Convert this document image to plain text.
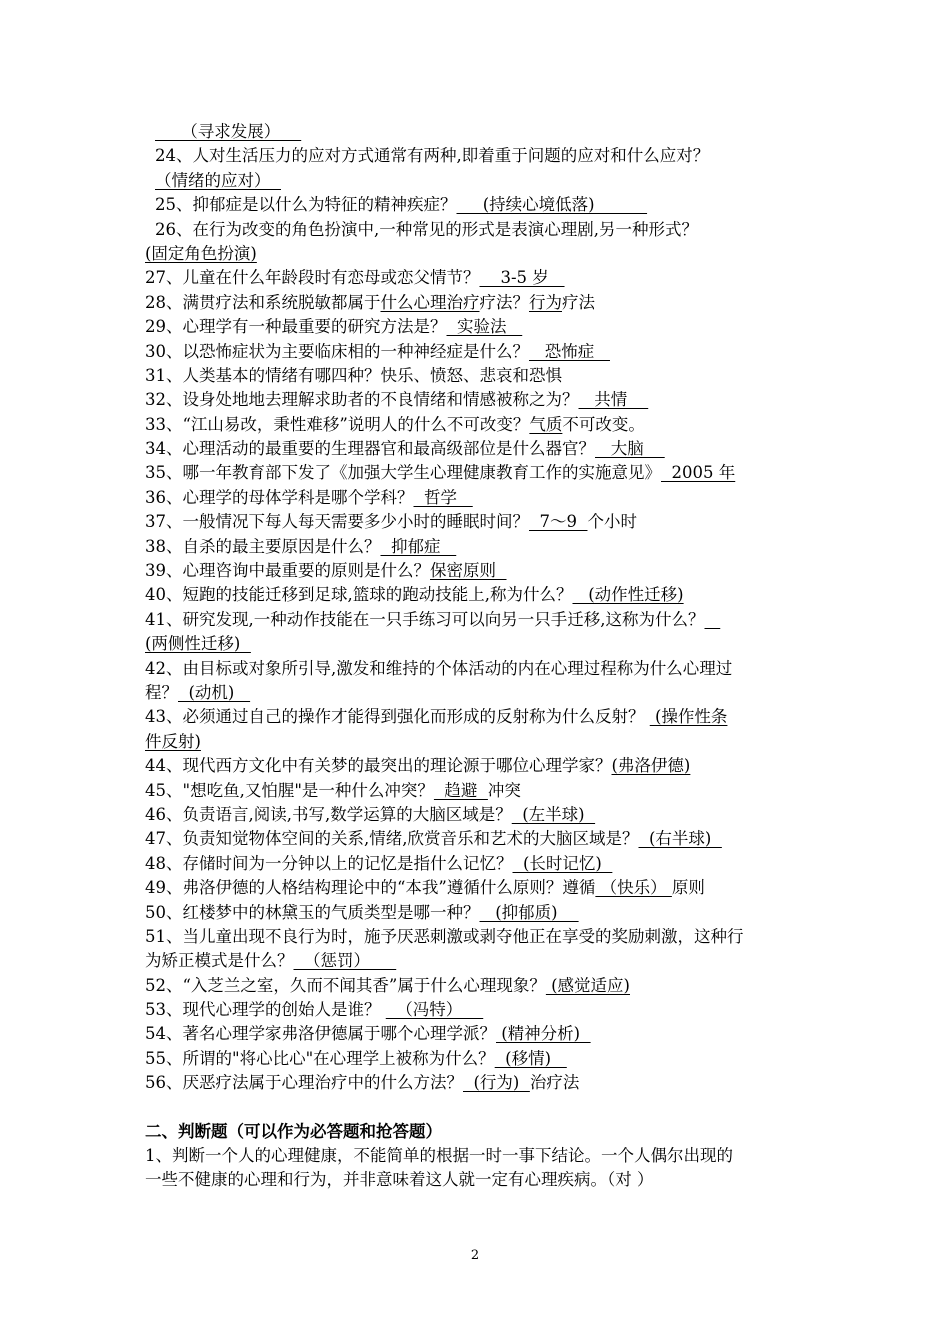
（寻求发展）
24、人对生活压力的应对方式通常有两种,即着重于问题的应对和什么应对？
（情绪的应对）
25、抑郁症是以什么为特征的精神疾症？     (持续心境低落)
26、在行为改变的角色扮演中,一种常见的形式是表演心理剧,另一种形式？
(固定角色扮演)
27、儿童在什么年龄段时有恋母或恋父情节？    3-5 岁
28、满贯疗法和系统脱敏都属于什么心理治疗疗法？行为疗法
29、心理学有一种最重要的研究方法是？  实验法
30、以恐怖症状为主要临床相的一种神经症是什么？   恐怖症
31、人类基本的情绪有哪四种？快乐、愤怒、悲哀和恐惧
32、设身处地地去理解求助者的不良情绪和情感被称之为？   共情
33、“江山易改，秉性难移”说明人的什么不可改变？气质不可改变。
34、心理活动的最重要的生理器官和最高级部位是什么器官？   大脑
35、哪一年教育部下发了《加强大学生心理健康教育工作的实施意见》  2005 年
36、心理学的母体学科是哪个学科？  哲学
37、一般情况下每人每天需要多少小时的睡眠时间？  7～9  个小时
38、自杀的最主要原因是什么？  抑郁症
39、心理咨询中最重要的原则是什么？保密原则
40、短跑的技能迁移到足球,篮球的跑动技能上,称为什么？   (动作性迁移)
41、研究发现,一种动作技能在一只手练习可以向另一只手迁移,这称为什么？
(两侧性迁移)
42、由目标或对象所引导,激发和维持的个体活动的内在心理过程称为什么心理过
程？  (动机)
43、必须通过自己的操作才能得到强化而形成的反射称为什么反射？  (操作性条
件反射)
44、现代西方文化中有关梦的最突出的理论源于哪位心理学家？(弗洛伊德)
45、"想吃鱼,又怕腥"是一种什么冲突？  趋避  冲突
46、负责语言,阅读,书写,数学运算的大脑区域是？  (左半球)
47、负责知觉物体空间的关系,情绪,欣赏音乐和艺术的大脑区域是？  (右半球)
48、存储时间为一分钟以上的记忆是指什么记忆？  (长时记忆)
49、弗洛伊德的人格结构理论中的“本我”遵循什么原则？遵循 （快乐） 原则
50、红楼梦中的林黛玉的气质类型是哪一种？   (抑郁质)
51、当儿童出现不良行为时，施予厌恶刺激或剥夺他正在享受的奖励刺激，这种行
为矫正模式是什么？  （惩罚）
52、“入芝兰之室，久而不闻其香”属于什么心理现象？ (感觉适应)
53、现代心理学的创始人是谁？   （冯特）
54、著名心理学家弗洛伊德属于哪个心理学派？ (精神分析)
55、所谓的"将心比心"在心理学上被称为什么？  (移情)
56、厌恶疗法属于心理治疗中的什么方法？  (行为)  治疗法
二、判断题（可以作为必答题和抢答题）
1、判断一个人的心理健康，不能简单的根据一时一事下结论。一个人偶尔出现的
一些不健康的心理和行为，并非意味着这人就一定有心理疾病。（对 ）
2
